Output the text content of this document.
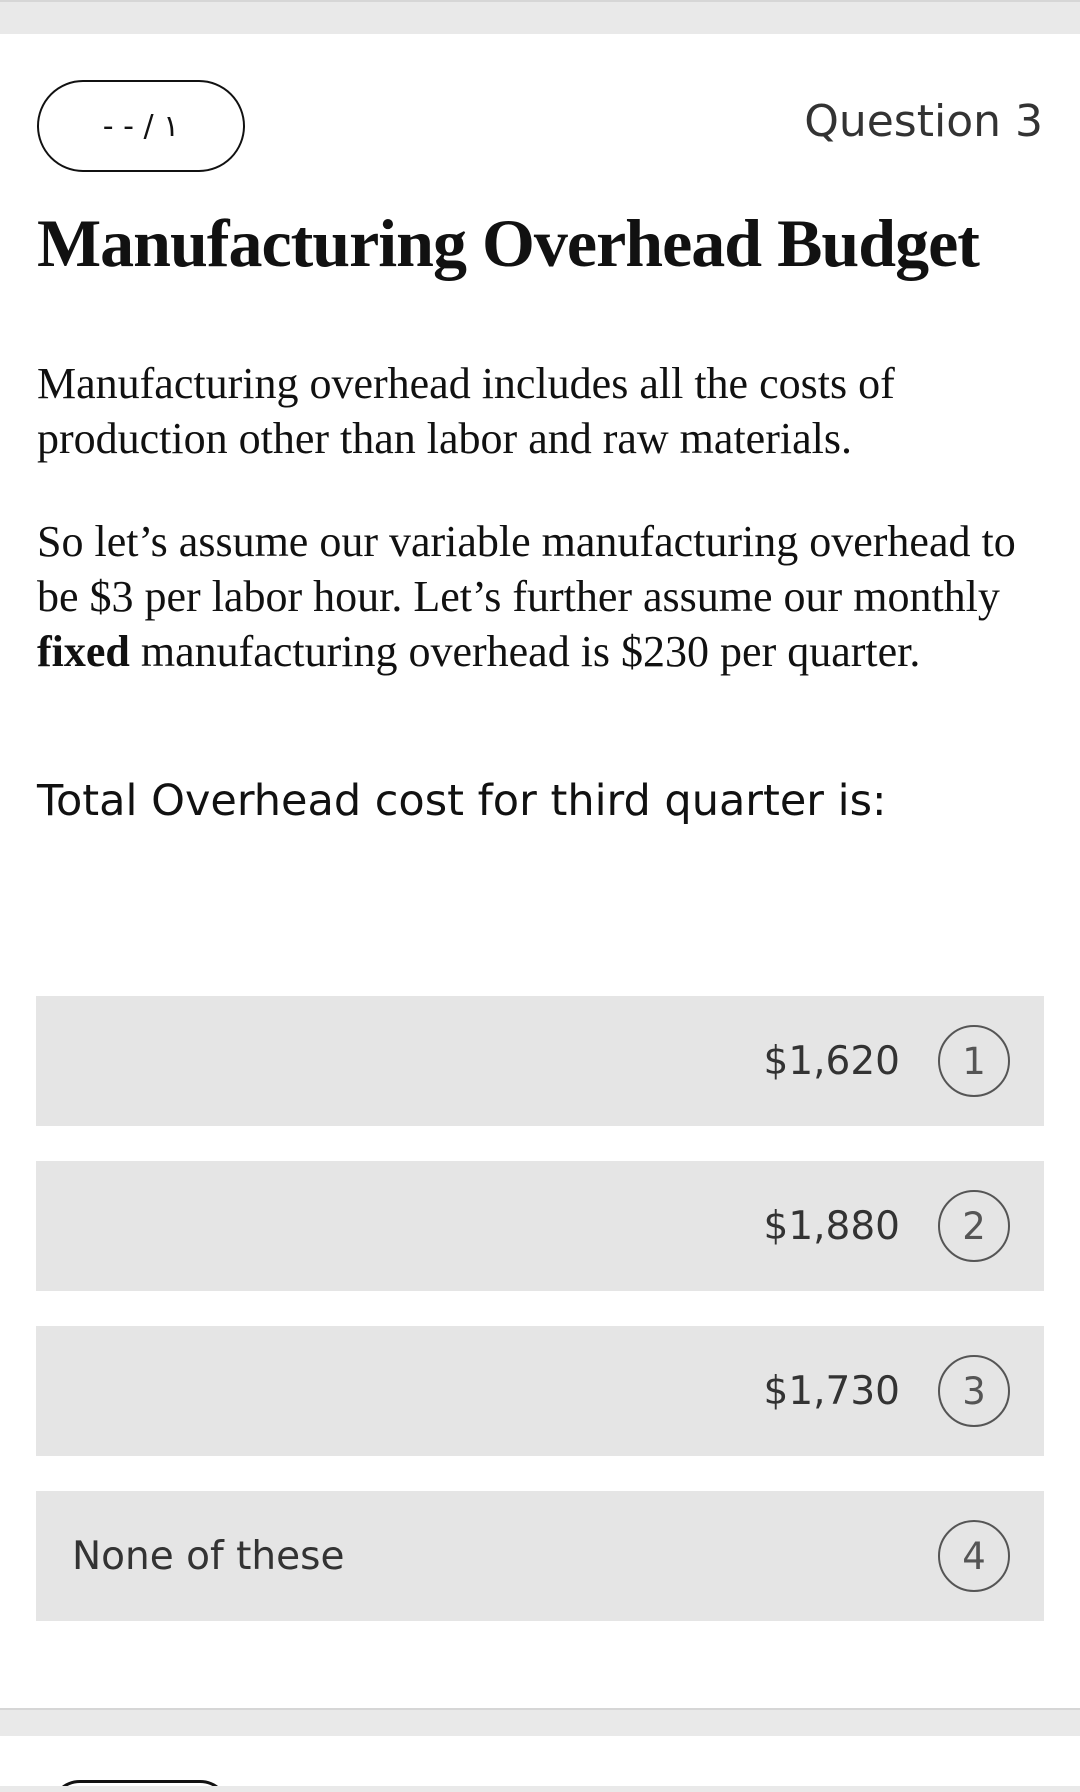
- - / ١	Question 3
Manufacturing Overhead Budget
Manufacturing overhead includes all the costs of production other than labor and raw materials.
So let’s assume our variable manufacturing overhead to be $3 per labor hour. Let’s further assume our monthly fixed manufacturing overhead is $230 per quarter.
Total Overhead cost for third quarter is:
$1,620	1
$1,880	2
$1,730	3
None of these	4
